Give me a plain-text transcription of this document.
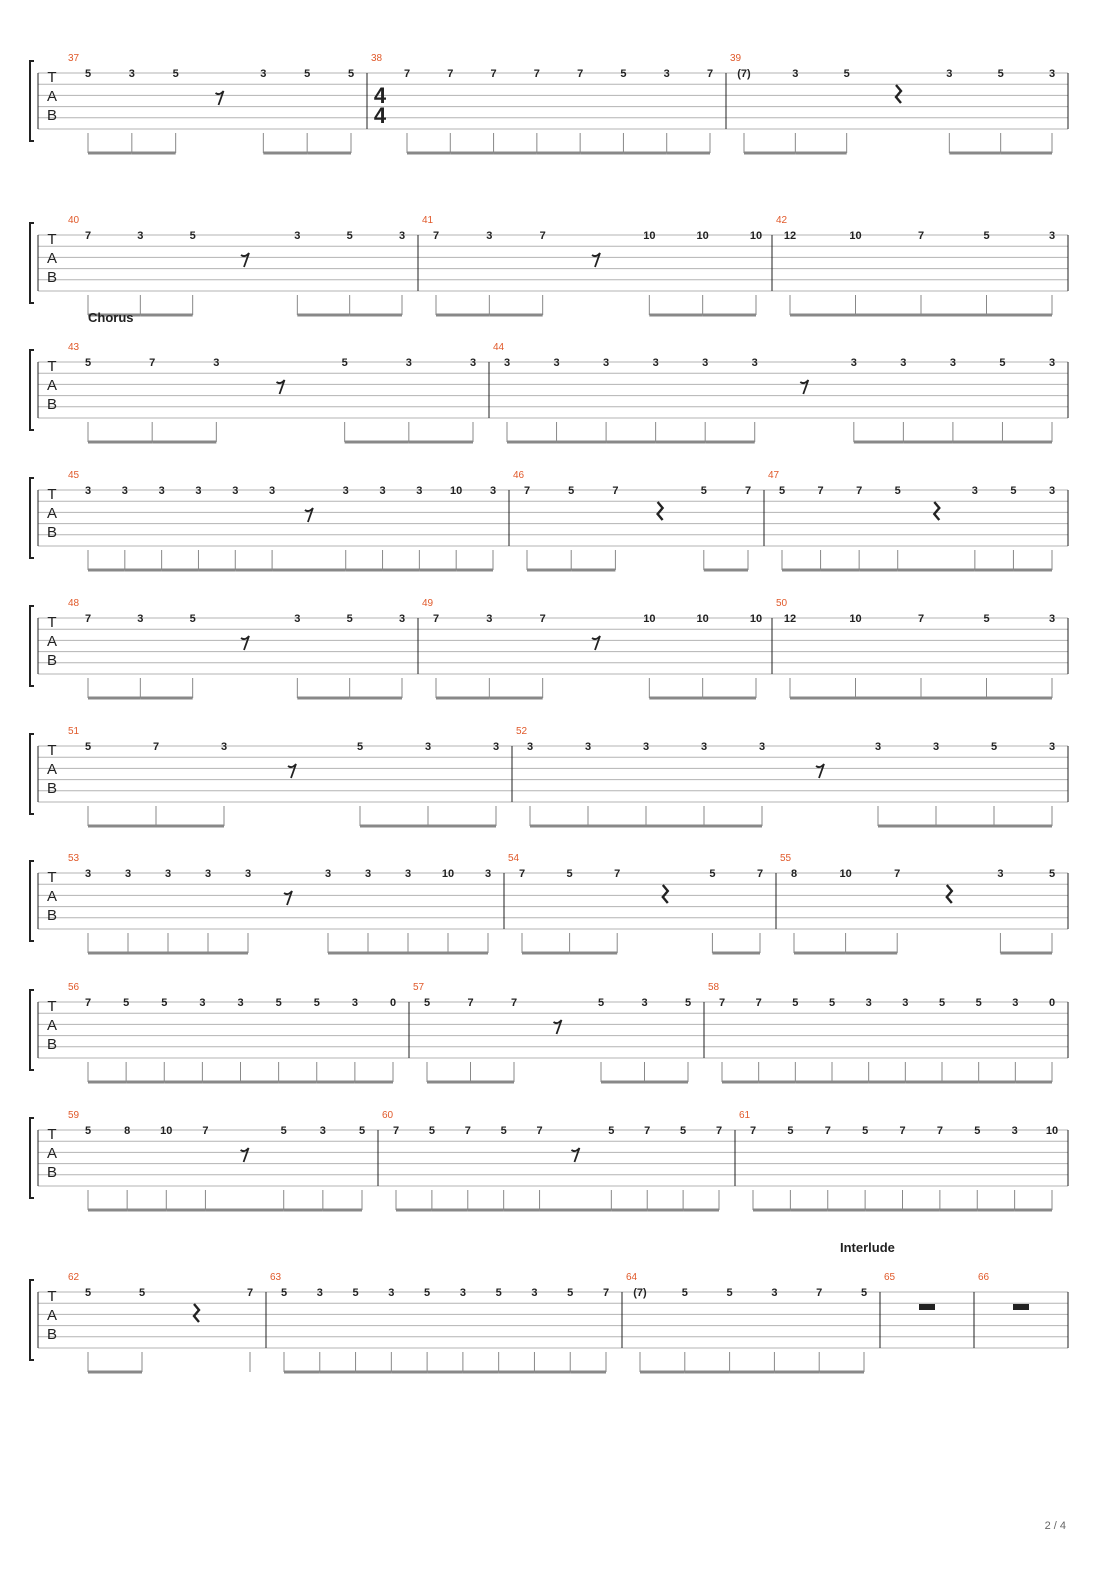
T
A
B
37
5	3	5	3	5	5
38
4
4
7	7	7	7	7	5	3	7
39
(7)	3	5	3	5	3
T
A
B
40
7	3	5	3	5	3
41
7	3	7	10	10	10
42
12	10	7	5	3
T
A
B
Chorus
43
5	7	3	5	3	3
44
3	3	3	3	3	3	3	3	3	5	3
T
A
B
45
3	3	3	3	3	3	3	3	3	10	3
46
7	5	7	5	7
47
5	7	7	5	3	5	3
T
A
B
48
7	3	5	3	5	3
49
7	3	7	10	10	10
50
12	10	7	5	3
T
A
B
51
5	7	3	5	3	3
52
3	3	3	3	3	3	3	5	3
T
A
B
53
3	3	3	3	3	3	3	3	10	3
54
7	5	7	5	7
55
8	10	7	3	5
T
A
B
56
7	5	5	3	3	5	5	3	0
57
5	7	7	5	3	5
58
7	7	5	5	3	3	5	5	3	0
T
A
B
59
5	8	10	7	5	3	5
60
7	5	7	5	7	5	7	5	7
61
7	5	7	5	7	7	5	3	10
T
A
B
62
5	5	7
63
5	3	5	3	5	3	5	3	5	7
64
(7)	5	5	3	7	5
65
Interlude
66
2 / 4
